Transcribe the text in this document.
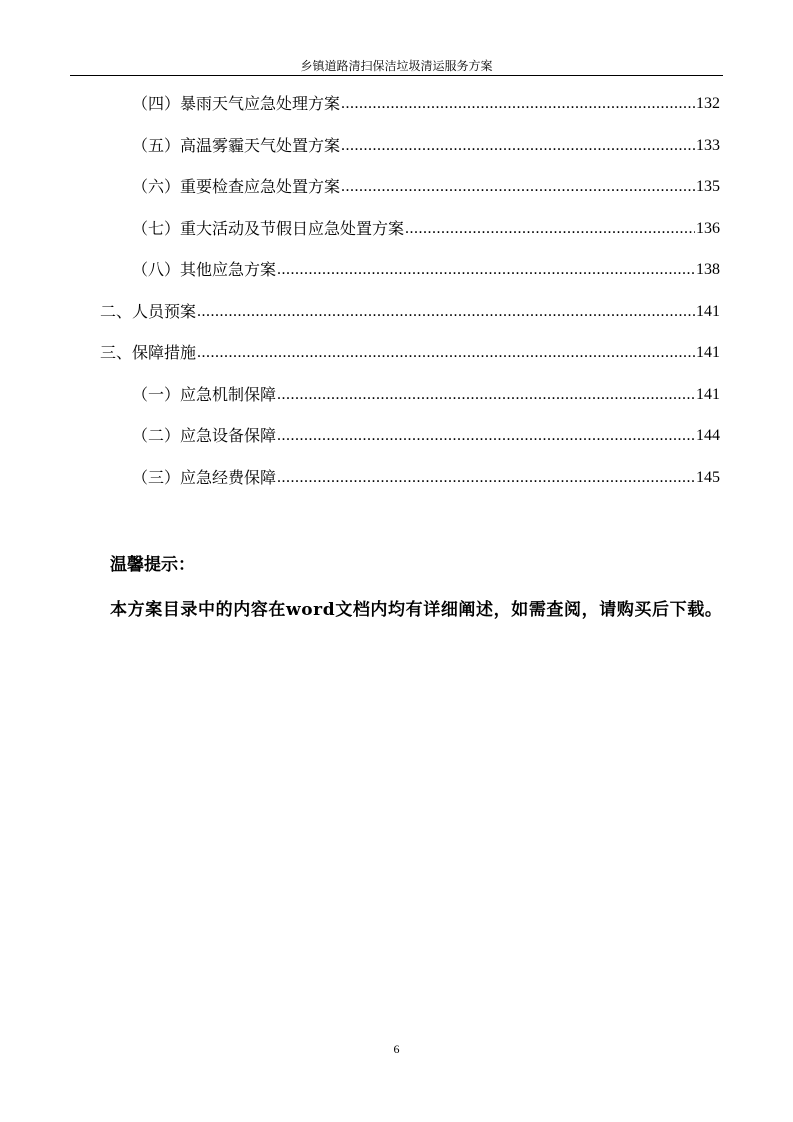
乡镇道路清扫保洁垃圾清运服务方案
（四）暴雨天气应急处理方案 .....	132
（五）高温雾霾天气处置方案 .....	133
（六）重要检查应急处置方案 .....	135
（七）重大活动及节假日应急处置方案 .....	136
（八）其他应急方案 .....	138
二、人员预案 .....	141
三、保障措施 .....	141
（一）应急机制保障 .....	141
（二）应急设备保障 .....	144
（三）应急经费保障 .....	145
温馨提示：
本方案目录中的内容在word文档内均有详细阐述，如需查阅，请购买后下载。
6
